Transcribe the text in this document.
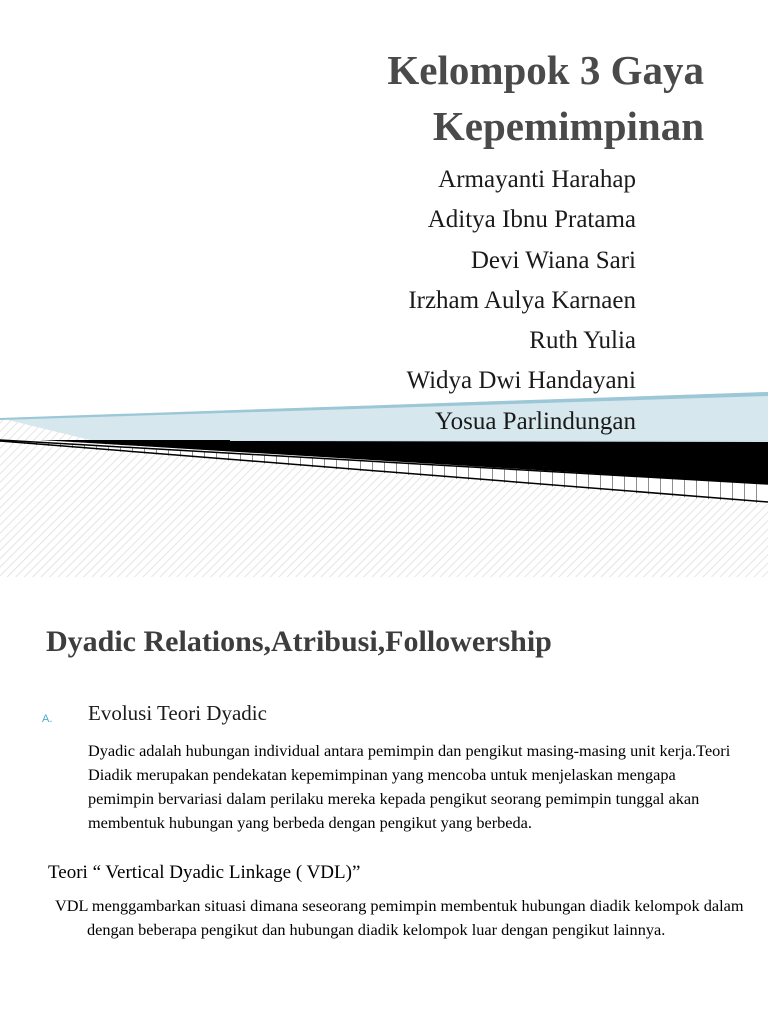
Kelompok 3 Gaya
Kepemimpinan
Armayanti Harahap
Aditya Ibnu Pratama
Devi Wiana Sari
Irzham Aulya Karnaen
Ruth Yulia
Widya Dwi Handayani
Yosua Parlindungan
Dyadic Relations,Atribusi,Followership
A. Evolusi Teori Dyadic
Dyadic adalah hubungan individual antara pemimpin dan pengikut masing-masing unit kerja.Teori Diadik merupakan pendekatan kepemimpinan yang mencoba untuk menjelaskan mengapa pemimpin bervariasi dalam perilaku mereka kepada pengikut seorang pemimpin tunggal akan membentuk hubungan yang berbeda dengan pengikut yang berbeda.
Teori “ Vertical Dyadic Linkage ( VDL)”
VDL menggambarkan situasi dimana seseorang pemimpin membentuk hubungan diadik kelompok dalam dengan beberapa pengikut dan hubungan diadik kelompok luar dengan pengikut lainnya.
